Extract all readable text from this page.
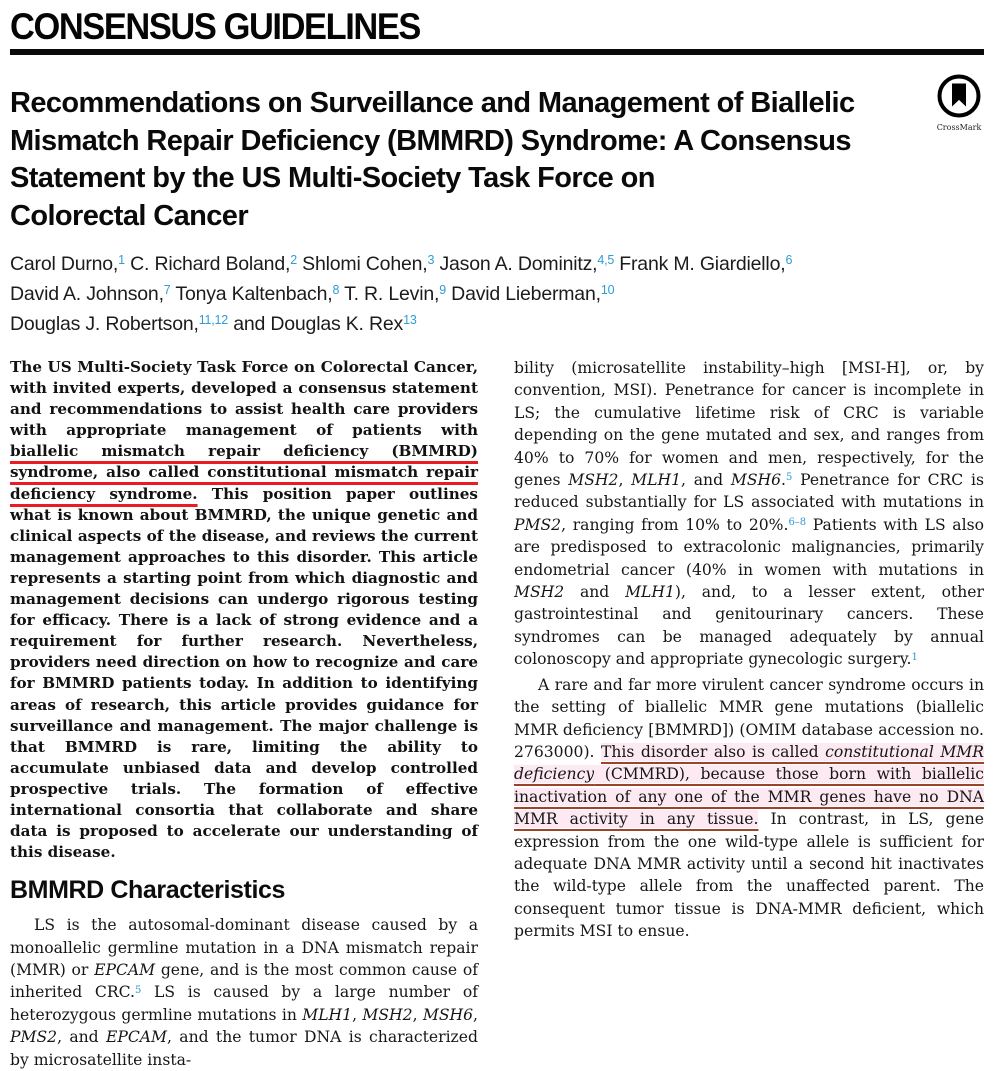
CONSENSUS GUIDELINES
CrossMark
Recommendations on Surveillance and Management of Biallelic
Mismatch Repair Deficiency (BMMRD) Syndrome: A Consensus
Statement by the US Multi-Society Task Force on
Colorectal Cancer
Carol Durno,$^1$ C. Richard Boland,$^2$ Shlomi Cohen,$^3$ Jason A. Dominitz,$^{4,5}$ Frank M. Giardiello,$^6$
David A. Johnson,$^7$ Tonya Kaltenbach,$^8$ T. R. Levin,$^9$ David Lieberman,$^{10}$
Douglas J. Robertson,$^{11,12}$ and Douglas K. Rex$^{13}$

The US Multi-Society Task Force on Colorectal Cancer, with invited experts, developed a consensus statement and recommendations to assist health care providers with appropriate management of patients with biallelic mismatch repair deficiency (BMMRD) syndrome, also called constitutional mismatch repair deficiency syndrome. This position paper outlines what is known about BMMRD, the unique genetic and clinical aspects of the disease, and reviews the current management approaches to this disorder. This article represents a starting point from which diagnostic and management decisions can undergo rigorous testing for efficacy. There is a lack of strong evidence and a requirement for further research. Nevertheless, providers need direction on how to recognize and care for BMMRD patients today. In addition to identifying areas of research, this article provides guidance for surveillance and management. The major challenge is that BMMRD is rare, limiting the ability to accumulate unbiased data and develop controlled prospective trials. The formation of effective international consortia that collaborate and share data is proposed to accelerate our understanding of this disease.

BMMRD Characteristics

LS is the autosomal-dominant disease caused by a monoallelic germline mutation in a DNA mismatch repair (MMR) or EPCAM gene, and is the most common cause of inherited CRC.$^5$ LS is caused by a large number of heterozygous germline mutations in MLH1, MSH2, MSH6, PMS2, and EPCAM, and the tumor DNA is characterized by microsatellite insta-

bility (microsatellite instability–high [MSI-H], or, by convention, MSI). Penetrance for cancer is incomplete in LS; the cumulative lifetime risk of CRC is variable depending on the gene mutated and sex, and ranges from 40% to 70% for women and men, respectively, for the genes MSH2, MLH1, and MSH6.$^5$ Penetrance for CRC is reduced substantially for LS associated with mutations in PMS2, ranging from 10% to 20%.$^{6-8}$ Patients with LS also are predisposed to extracolonic malignancies, primarily endometrial cancer (40% in women with mutations in MSH2 and MLH1), and, to a lesser extent, other gastrointestinal and genitourinary cancers. These syndromes can be managed adequately by annual colonoscopy and appropriate gynecologic surgery.$^1$

A rare and far more virulent cancer syndrome occurs in the setting of biallelic MMR gene mutations (biallelic MMR deficiency [BMMRD]) (OMIM database accession no. 2763000). This disorder also is called constitutional MMR deficiency (CMMRD), because those born with biallelic inactivation of any one of the MMR genes have no DNA MMR activity in any tissue. In contrast, in LS, gene expression from the one wild-type allele is sufficient for adequate DNA MMR activity until a second hit inactivates the wild-type allele from the unaffected parent. The consequent tumor tissue is DNA-MMR deficient, which permits MSI to ensue.
